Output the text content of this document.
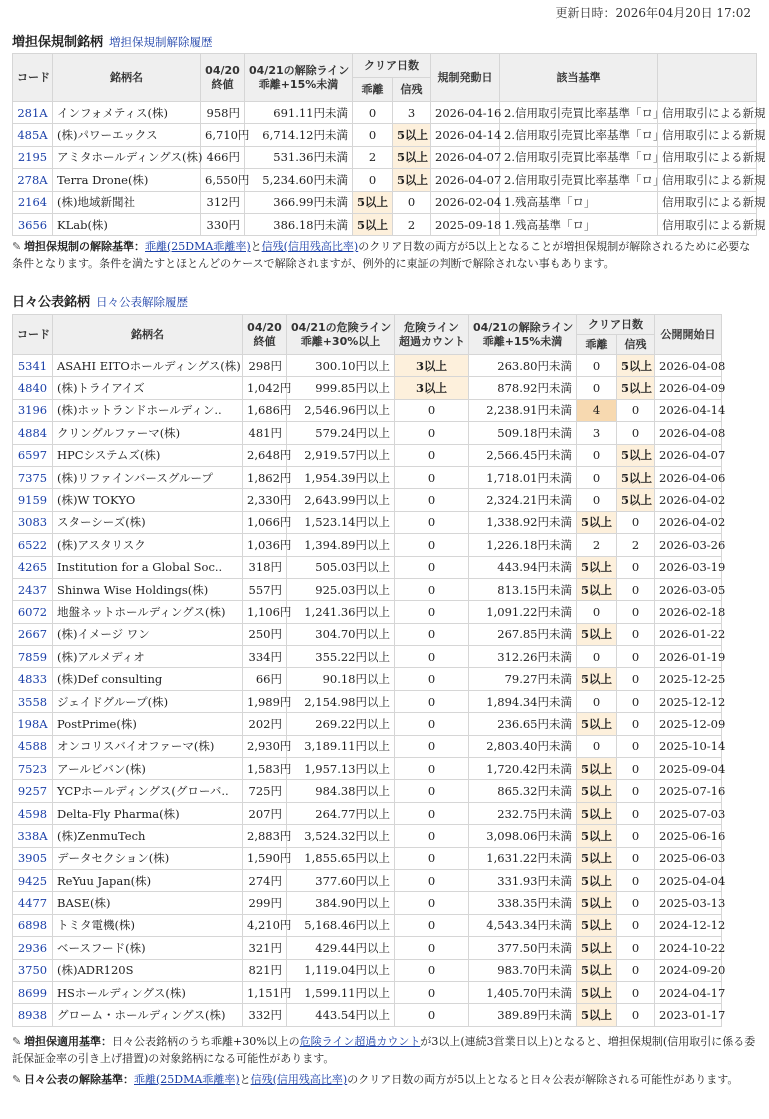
更新日時：2026年04月20日 17:02
増担保規制銘柄 増担保規制解除履歴
コード	銘柄名	04/20
終値	04/21の解除ライン
乖離+15%未満	クリア日数		規制発動日	該当基準	
				乖離	信残			
281A	インフォメティス(株)	958円	691.11円未満	0	3	2026-04-16	2.信用取引売買比率基準「ロ」	信用取引による新規
485A	(株)パワーエックス	6,710円	6,714.12円未満	0	5以上	2026-04-14	2.信用取引売買比率基準「ロ」	信用取引による新規
2195	アミタホールディングス(株)	466円	531.36円未満	2	5以上	2026-04-07	2.信用取引売買比率基準「ロ」	信用取引による新規
278A	Terra Drone(株)	6,550円	5,234.60円未満	0	5以上	2026-04-07	2.信用取引売買比率基準「ロ」	信用取引による新規
2164	(株)地域新聞社	312円	366.99円未満	5以上	0	2026-02-04	1.残高基準「ロ」	信用取引による新規
3656	KLab(株)	330円	386.18円未満	5以上	2	2025-09-18	1.残高基準「ロ」	信用取引による新規
✎ 増担保規制の解除基準：乖離(25DMA乖離率)と信残(信用残高比率)のクリア日数の両方が5以上となることが増担保規制が解除されるために必要な条件となります。条件を満たすとほとんどのケースで解除されますが、例外的に東証の判断で解除されない事もあります。
日々公表銘柄 日々公表解除履歴
コード	銘柄名	04/20
終値	04/21の危険ライン
乖離+30%以上	危険ライン
超過カウント	04/21の解除ライン
乖離+15%未満	クリア日数		公開開始日
						乖離	信残	
5341	ASAHI EITOホールディングス(株)	298円	300.10円以上	3以上	263.80円未満	0	5以上	2026-04-08
4840	(株)トライアイズ	1,042円	999.85円以上	3以上	878.92円未満	0	5以上	2026-04-09
3196	(株)ホットランドホールディン..	1,686円	2,546.96円以上	0	2,238.91円未満	4	0	2026-04-14
4884	クリングルファーマ(株)	481円	579.24円以上	0	509.18円未満	3	0	2026-04-08
6597	HPCシステムズ(株)	2,648円	2,919.57円以上	0	2,566.45円未満	0	5以上	2026-04-07
7375	(株)リファインバースグループ	1,862円	1,954.39円以上	0	1,718.01円未満	0	5以上	2026-04-06
9159	(株)W TOKYO	2,330円	2,643.99円以上	0	2,324.21円未満	0	5以上	2026-04-02
3083	スターシーズ(株)	1,066円	1,523.14円以上	0	1,338.92円未満	5以上	0	2026-04-02
6522	(株)アスタリスク	1,036円	1,394.89円以上	0	1,226.18円未満	2	2	2026-03-26
4265	Institution for a Global Soc..	318円	505.03円以上	0	443.94円未満	5以上	0	2026-03-19
2437	Shinwa Wise Holdings(株)	557円	925.03円以上	0	813.15円未満	5以上	0	2026-03-05
6072	地盤ネットホールディングス(株)	1,106円	1,241.36円以上	0	1,091.22円未満	0	0	2026-02-18
2667	(株)イメージ ワン	250円	304.70円以上	0	267.85円未満	5以上	0	2026-01-22
7859	(株)アルメディオ	334円	355.22円以上	0	312.26円未満	0	0	2026-01-19
4833	(株)Def consulting	66円	90.18円以上	0	79.27円未満	5以上	0	2025-12-25
3558	ジェイドグループ(株)	1,989円	2,154.98円以上	0	1,894.34円未満	0	0	2025-12-12
198A	PostPrime(株)	202円	269.22円以上	0	236.65円未満	5以上	0	2025-12-09
4588	オンコリスバイオファーマ(株)	2,930円	3,189.11円以上	0	2,803.40円未満	0	0	2025-10-14
7523	アールビバン(株)	1,583円	1,957.13円以上	0	1,720.42円未満	5以上	0	2025-09-04
9257	YCPホールディングス(グローバ..	725円	984.38円以上	0	865.32円未満	5以上	0	2025-07-16
4598	Delta-Fly Pharma(株)	207円	264.77円以上	0	232.75円未満	5以上	0	2025-07-03
338A	(株)ZenmuTech	2,883円	3,524.32円以上	0	3,098.06円未満	5以上	0	2025-06-16
3905	データセクション(株)	1,590円	1,855.65円以上	0	1,631.22円未満	5以上	0	2025-06-03
9425	ReYuu Japan(株)	274円	377.60円以上	0	331.93円未満	5以上	0	2025-04-04
4477	BASE(株)	299円	384.90円以上	0	338.35円未満	5以上	0	2025-03-13
6898	トミタ電機(株)	4,210円	5,168.46円以上	0	4,543.34円未満	5以上	0	2024-12-12
2936	ベースフード(株)	321円	429.44円以上	0	377.50円未満	5以上	0	2024-10-22
3750	(株)ADR120S	821円	1,119.04円以上	0	983.70円未満	5以上	0	2024-09-20
8699	HSホールディングス(株)	1,151円	1,599.11円以上	0	1,405.70円未満	5以上	0	2024-04-17
8938	グローム・ホールディングス(株)	332円	443.54円以上	0	389.89円未満	5以上	0	2023-01-17
✎ 増担保適用基準：日々公表銘柄のうち乖離+30%以上の危険ライン超過カウントが3以上(連続3営業日以上)となると、増担保規制(信用取引に係る委託保証金率の引き上げ措置)の対象銘柄になる可能性があります。
✎ 日々公表の解除基準：乖離(25DMA乖離率)と信残(信用残高比率)のクリア日数の両方が5以上となると日々公表が解除される可能性があります。
